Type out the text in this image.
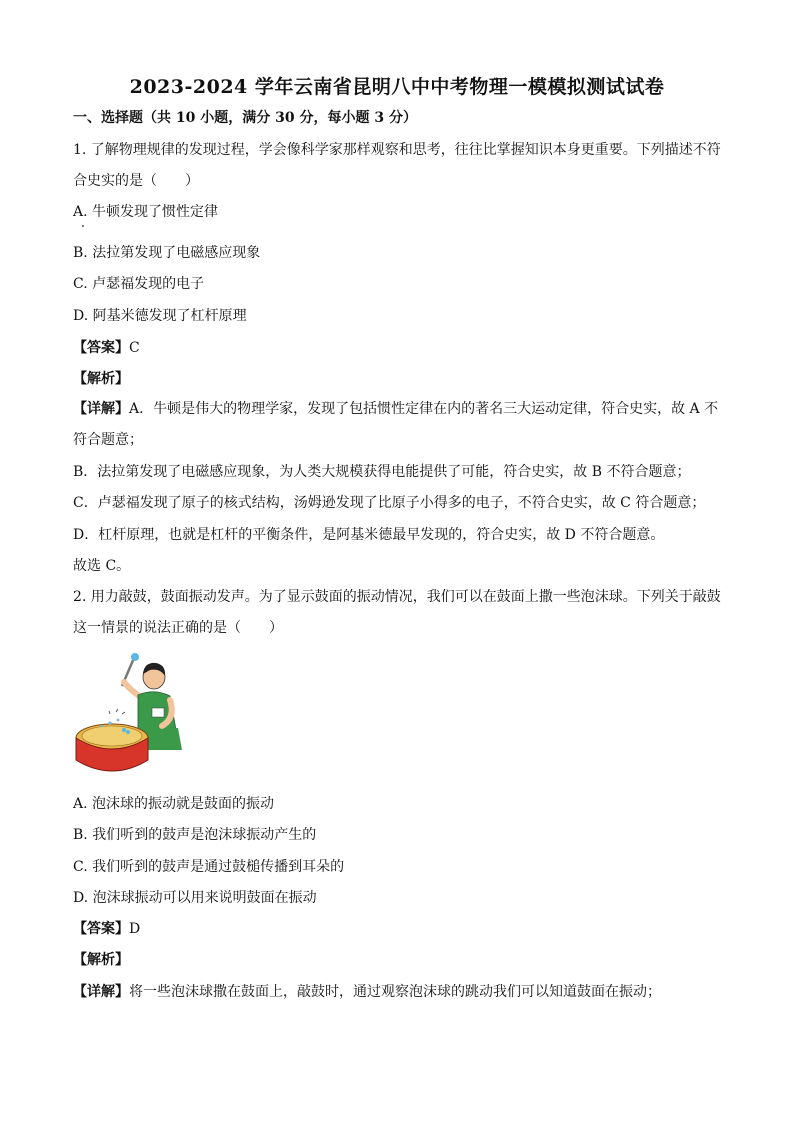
2023-2024 学年云南省昆明八中中考物理一模模拟测试试卷
一、选择题（共 10 小题，满分 30 分，每小题 3 分）
1. 了解物理规律的发现过程，学会像科学家那样观察和思考，往往比掌握知识本身更重要。下列描述不符
合史实的是（　　）
A. 牛顿发现了惯性定律
B. 法拉第发现了电磁感应现象
C. 卢瑟福发现的电子
D. 阿基米德发现了杠杆原理
【答案】C
【解析】
【详解】A．牛顿是伟大的物理学家，发现了包括惯性定律在内的著名三大运动定律，符合史实，故 A 不
符合题意；
B．法拉第发现了电磁感应现象，为人类大规模获得电能提供了可能，符合史实，故 B 不符合题意；
C．卢瑟福发现了原子的核式结构，汤姆逊发现了比原子小得多的电子，不符合史实，故 C 符合题意；
D．杠杆原理，也就是杠杆的平衡条件，是阿基米德最早发现的，符合史实，故 D 不符合题意。
故选 C。
2. 用力敲鼓，鼓面振动发声。为了显示鼓面的振动情况，我们可以在鼓面上撒一些泡沫球。下列关于敲鼓
这一情景的说法正确的是（　　）
A. 泡沫球的振动就是鼓面的振动
B. 我们听到的鼓声是泡沫球振动产生的
C. 我们听到的鼓声是通过鼓槌传播到耳朵的
D. 泡沫球振动可以用来说明鼓面在振动
【答案】D
【解析】
【详解】将一些泡沫球撒在鼓面上，敲鼓时，通过观察泡沫球的跳动我们可以知道鼓面在振动；
